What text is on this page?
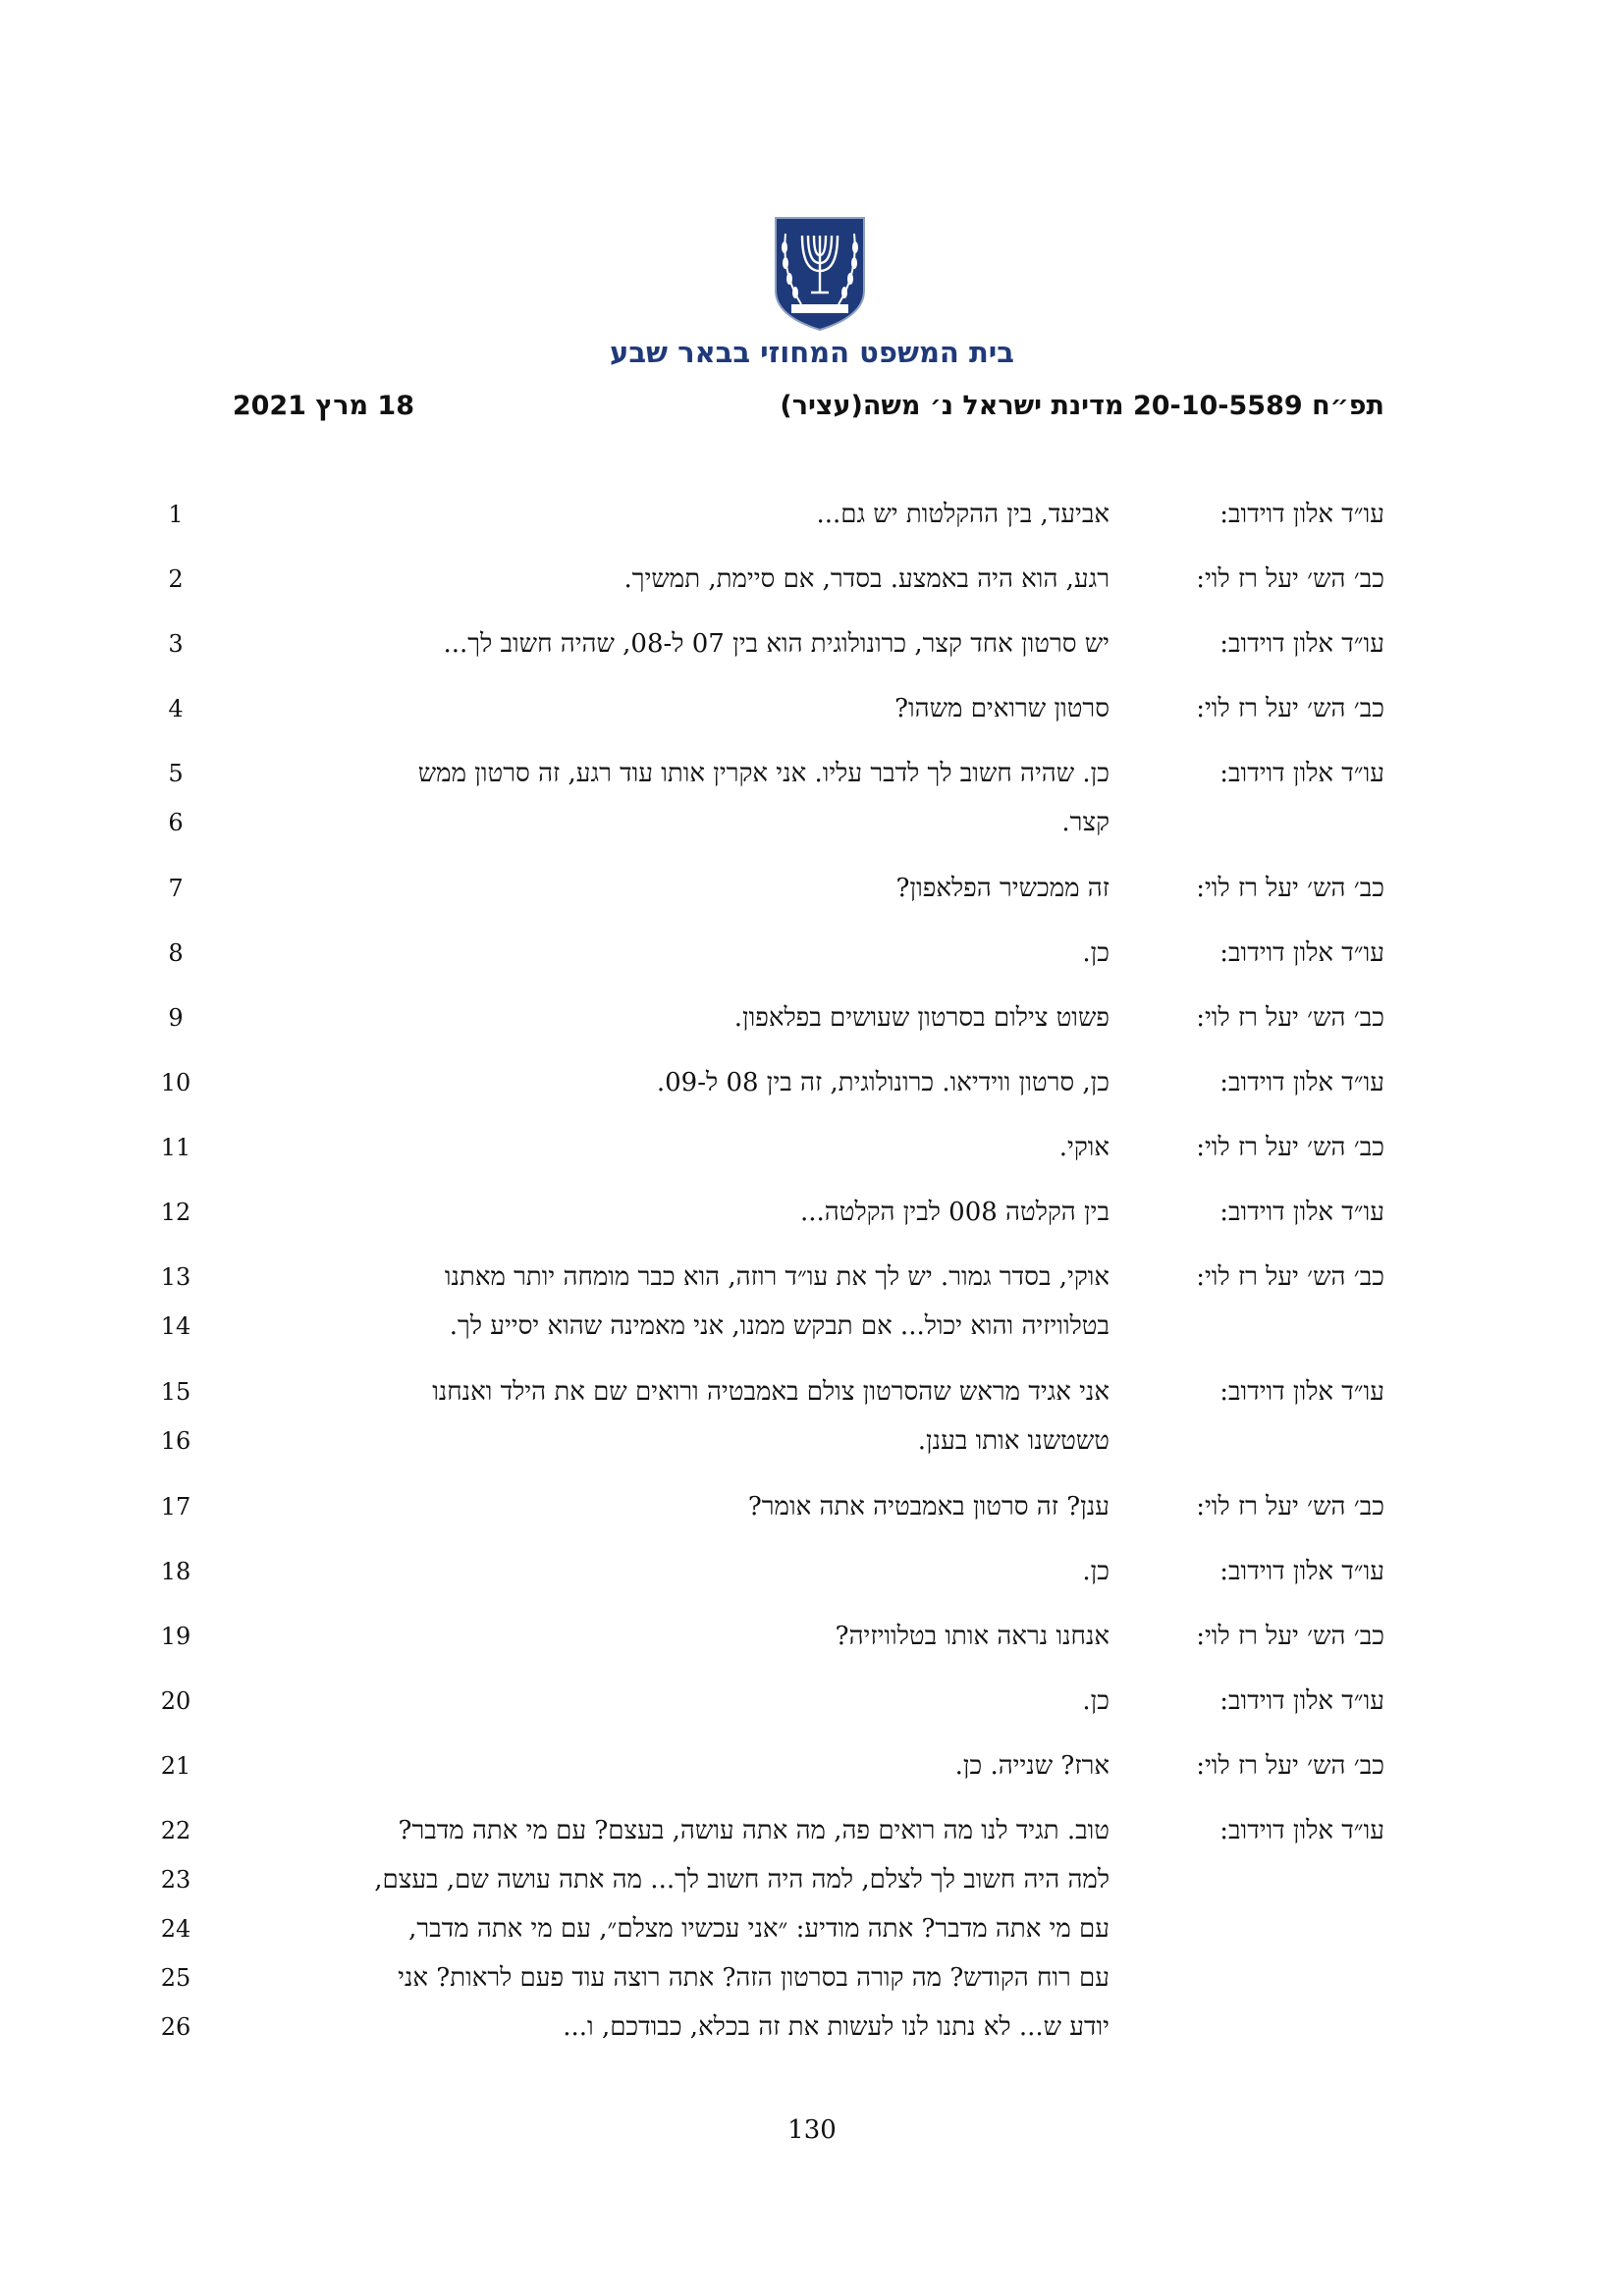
בית המשפט המחוזי בבאר שבע
תפ״ח 20-10-5589 מדינת ישראל נ׳ משה(עציר)
18 מרץ 2021
עו״ד אלון דוידוב:
אביעד, בין ההקלטות יש גם...
1
כב׳ הש׳ יעל רז לוי:
רגע, הוא היה באמצע. בסדר, אם סיימת, תמשיך.
2
עו״ד אלון דוידוב:
יש סרטון אחד קצר, כרונולוגית הוא בין 07 ל-08, שהיה חשוב לך...
3
כב׳ הש׳ יעל רז לוי:
סרטון שרואים משהו?
4
עו״ד אלון דוידוב:
כן. שהיה חשוב לך לדבר עליו. אני אקרין אותו עוד רגע, זה סרטון ממש
קצר.
5
6
כב׳ הש׳ יעל רז לוי:
זה ממכשיר הפלאפון?
7
עו״ד אלון דוידוב:
כן.
8
כב׳ הש׳ יעל רז לוי:
פשוט צילום בסרטון שעושים בפלאפון.
9
עו״ד אלון דוידוב:
כן, סרטון ווידיאו. כרונולוגית, זה בין 08 ל-09.
10
כב׳ הש׳ יעל רז לוי:
אוקי.
11
עו״ד אלון דוידוב:
בין הקלטה 008 לבין הקלטה...
12
כב׳ הש׳ יעל רז לוי:
אוקי, בסדר גמור. יש לך את עו״ד רוזה, הוא כבר מומחה יותר מאתנו
בטלוויזיה והוא יכול... אם תבקש ממנו, אני מאמינה שהוא יסייע לך.
13
14
עו״ד אלון דוידוב:
אני אגיד מראש שהסרטון צולם באמבטיה ורואים שם את הילד ואנחנו
טשטשנו אותו בענן.
15
16
כב׳ הש׳ יעל רז לוי:
ענן? זה סרטון באמבטיה אתה אומר?
17
עו״ד אלון דוידוב:
כן.
18
כב׳ הש׳ יעל רז לוי:
אנחנו נראה אותו בטלוויזיה?
19
עו״ד אלון דוידוב:
כן.
20
כב׳ הש׳ יעל רז לוי:
ארז? שנייה. כן.
21
עו״ד אלון דוידוב:
טוב. תגיד לנו מה רואים פה, מה אתה עושה, בעצם? עם מי אתה מדבר?
למה היה חשוב לך לצלם, למה היה חשוב לך... מה אתה עושה שם, בעצם,
עם מי אתה מדבר? אתה מודיע: ״אני עכשיו מצלם״, עם מי אתה מדבר,
עם רוח הקודש? מה קורה בסרטון הזה? אתה רוצה עוד פעם לראות? אני
יודע ש... לא נתנו לנו לעשות את זה בכלא, כבודכם, ו...
22
23
24
25
26
130
